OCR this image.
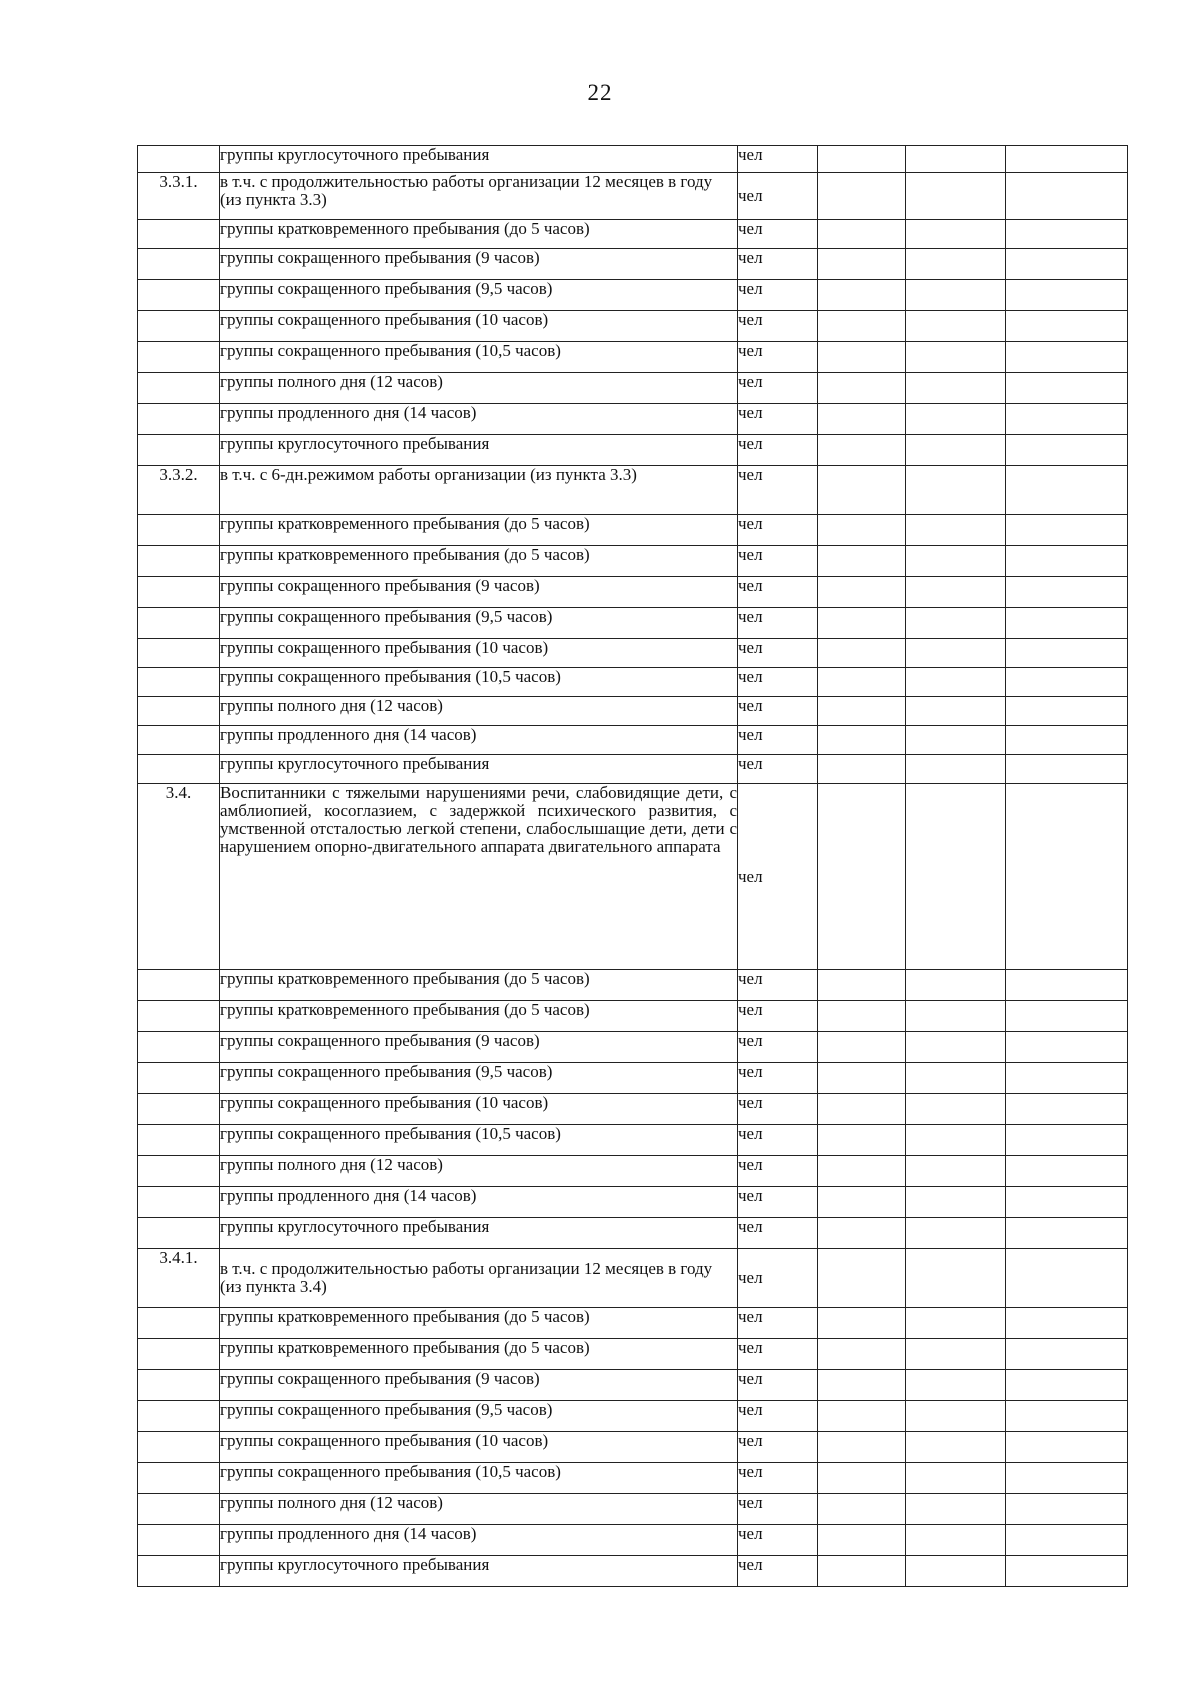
22
	группы круглосуточного пребывания	чел			
3.3.1.	в т.ч. с продолжительностью работы организации 12 месяцев в году (из пункта 3.3)	чел			
	группы кратковременного пребывания (до 5 часов)	чел			
	группы сокращенного пребывания (9 часов)	чел			
	группы сокращенного пребывания (9,5 часов)	чел			
	группы сокращенного пребывания (10 часов)	чел			
	группы сокращенного пребывания (10,5 часов)	чел			
	группы полного дня (12 часов)	чел			
	группы продленного дня (14 часов)	чел			
	группы круглосуточного пребывания	чел			
3.3.2.	в т.ч. с 6-дн.режимом работы организации (из пункта 3.3)	чел			
	группы кратковременного пребывания (до 5 часов)	чел			
	группы кратковременного пребывания (до 5 часов)	чел			
	группы сокращенного пребывания (9 часов)	чел			
	группы сокращенного пребывания (9,5 часов)	чел			
	группы сокращенного пребывания (10 часов)	чел			
	группы сокращенного пребывания (10,5 часов)	чел			
	группы полного дня (12 часов)	чел			
	группы продленного дня (14 часов)	чел			
	группы круглосуточного пребывания	чел			
3.4.	Воспитанники с тяжелыми нарушениями речи, слабовидящие дети, с амблиопией, косоглазием, с задержкой психического развития, с умственной отсталостью легкой степени, слабослышащие дети, дети с нарушением опорно-двигательного аппарата двигательного аппарата	чел			
	группы кратковременного пребывания (до 5 часов)	чел			
	группы кратковременного пребывания (до 5 часов)	чел			
	группы сокращенного пребывания (9 часов)	чел			
	группы сокращенного пребывания (9,5 часов)	чел			
	группы сокращенного пребывания (10 часов)	чел			
	группы сокращенного пребывания (10,5 часов)	чел			
	группы полного дня (12 часов)	чел			
	группы продленного дня (14 часов)	чел			
	группы круглосуточного пребывания	чел			
3.4.1.	в т.ч. с продолжительностью работы организации 12 месяцев в году (из пункта 3.4)	чел			
	группы кратковременного пребывания (до 5 часов)	чел			
	группы кратковременного пребывания (до 5 часов)	чел			
	группы сокращенного пребывания (9 часов)	чел			
	группы сокращенного пребывания (9,5 часов)	чел			
	группы сокращенного пребывания (10 часов)	чел			
	группы сокращенного пребывания (10,5 часов)	чел			
	группы полного дня (12 часов)	чел			
	группы продленного дня (14 часов)	чел			
	группы круглосуточного пребывания	чел			
